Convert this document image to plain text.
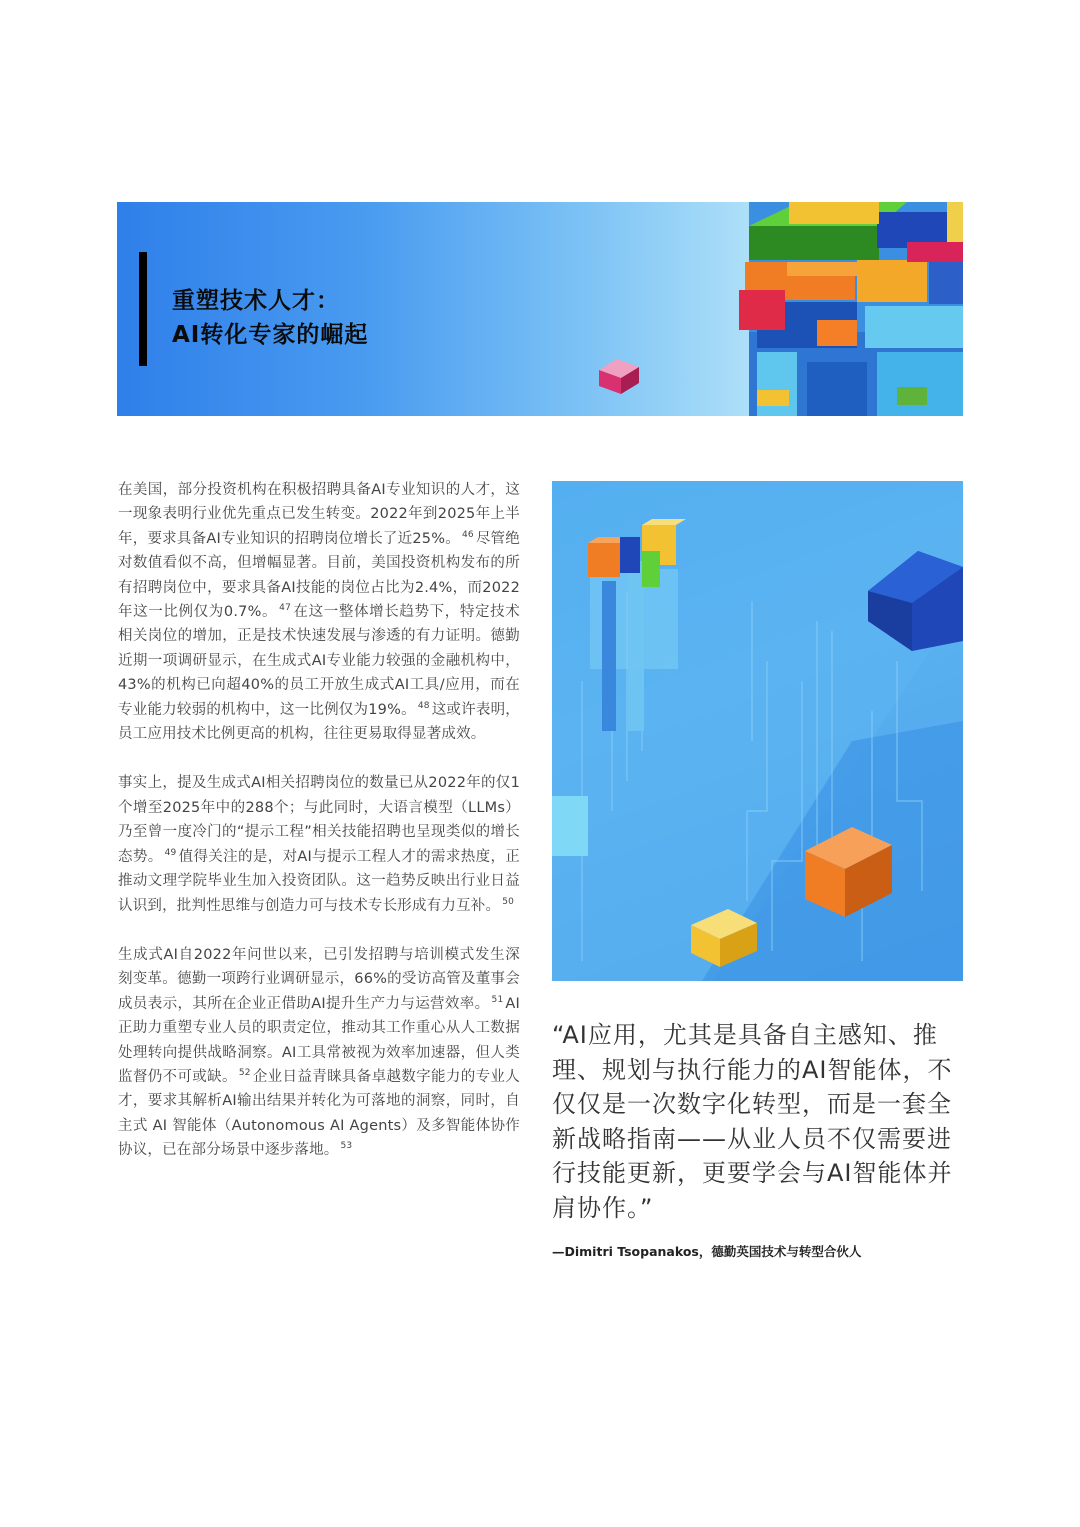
重塑技术人才：
AI转化专家的崛起

在美国，部分投资机构在积极招聘具备AI专业知识的人才，这一现象表明行业优先重点已发生转变。2022年到2025年上半年，要求具备AI专业知识的招聘岗位增长了近25%。 $^{46}$ 尽管绝对数值看似不高，但增幅显著。目前，美国投资机构发布的所有招聘岗位中，要求具备AI技能的岗位占比为2.4%，而2022年这一比例仅为0.7%。 $^{47}$ 在这一整体增长趋势下，特定技术相关岗位的增加，正是技术快速发展与渗透的有力证明。德勤近期一项调研显示，在生成式AI专业能力较强的金融机构中，43%的机构已向超40%的员工开放生成式AI工具/应用，而在专业能力较弱的机构中，这一比例仅为19%。 $^{48}$ 这或许表明，员工应用技术比例更高的机构，往往更易取得显著成效。

事实上，提及生成式AI相关招聘岗位的数量已从2022年的仅1个增至2025年中的288个；与此同时，大语言模型（LLMs）乃至曾一度冷门的“提示工程”相关技能招聘也呈现类似的增长态势。 $^{49}$ 值得关注的是，对AI与提示工程人才的需求热度，正推动文理学院毕业生加入投资团队。这一趋势反映出行业日益认识到，批判性思维与创造力可与技术专长形成有力互补。 $^{50}$

生成式AI自2022年问世以来，已引发招聘与培训模式发生深刻变革。德勤一项跨行业调研显示，66%的受访高管及董事会成员表示，其所在企业正借助AI提升生产力与运营效率。 $^{51}$ AI正助力重塑专业人员的职责定位，推动其工作重心从人工数据处理转向提供战略洞察。AI工具常被视为效率加速器，但人类监督仍不可或缺。 $^{52}$ 企业日益青睐具备卓越数字能力的专业人才，要求其解析AI输出结果并转化为可落地的洞察，同时，自主式 AI 智能体（Autonomous AI Agents）及多智能体协作协议，已在部分场景中逐步落地。 $^{53}$

“AI应用，尤其是具备自主感知、推理、规划与执行能力的AI智能体，不仅仅是一次数字化转型，而是一套全新战略指南——从业人员不仅需要进行技能更新，更要学会与AI智能体并肩协作。”

—Dimitri Tsopanakos，德勤英国技术与转型合伙人
